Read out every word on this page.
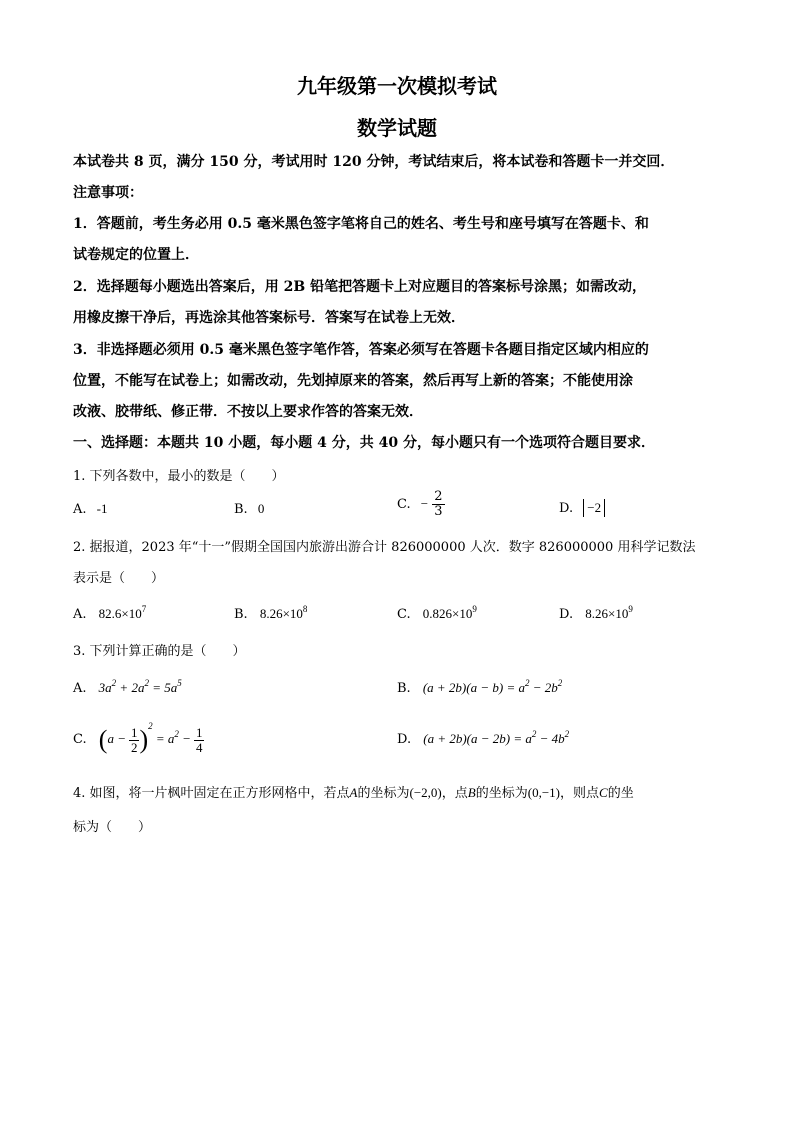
九年级第一次模拟考试
数学试题
本试卷共 8 页，满分 150 分，考试用时 120 分钟，考试结束后，将本试卷和答题卡一并交回．
注意事项：
1．答题前，考生务必用 0.5 毫米黑色签字笔将自己的姓名、考生号和座号填写在答题卡、和
试卷规定的位置上．
2．选择题每小题选出答案后，用 2B 铅笔把答题卡上对应题目的答案标号涂黑；如需改动，
用橡皮擦干净后，再选涂其他答案标号．答案写在试卷上无效．
3．非选择题必须用 0.5 毫米黑色签字笔作答，答案必须写在答题卡各题目指定区域内相应的
位置，不能写在试卷上；如需改动，先划掉原来的答案，然后再写上新的答案；不能使用涂
改液、胶带纸、修正带．不按以上要求作答的答案无效．
一、选择题：本题共 10 小题，每小题 4 分，共 40 分，每小题只有一个选项符合题目要求．
1. 下列各数中，最小的数是（　　）
A. -1	B. 0	C. − $\frac{2}{3}$	D. −2
2. 据报道，2023 年“十一”假期全国国内旅游出游合计 826000000 人次．数字 826000000 用科学记数法
表示是（　　）
A. $82.6\times 10^7$	B. $8.26\times 10^8$	C. $0.826\times 10^9$	D. $8.26\times 10^9$
3. 下列计算正确的是（　　）
A. $3a^2 + 2a^2 = 5a^5$	B. $(a + 2b)(a - b) = a^2 - 2b^2$
C. $(a - \frac{1}{2} )^2 = a^2 - \frac{1}{4}$	D. $(a + 2b)(a - 2b) = a^2 - 4b^2$
4. 如图，将一片枫叶固定在正方形网格中，若点A的坐标为(−2,0)，点B的坐标为(0,−1)，则点C的坐
标为（　　）
